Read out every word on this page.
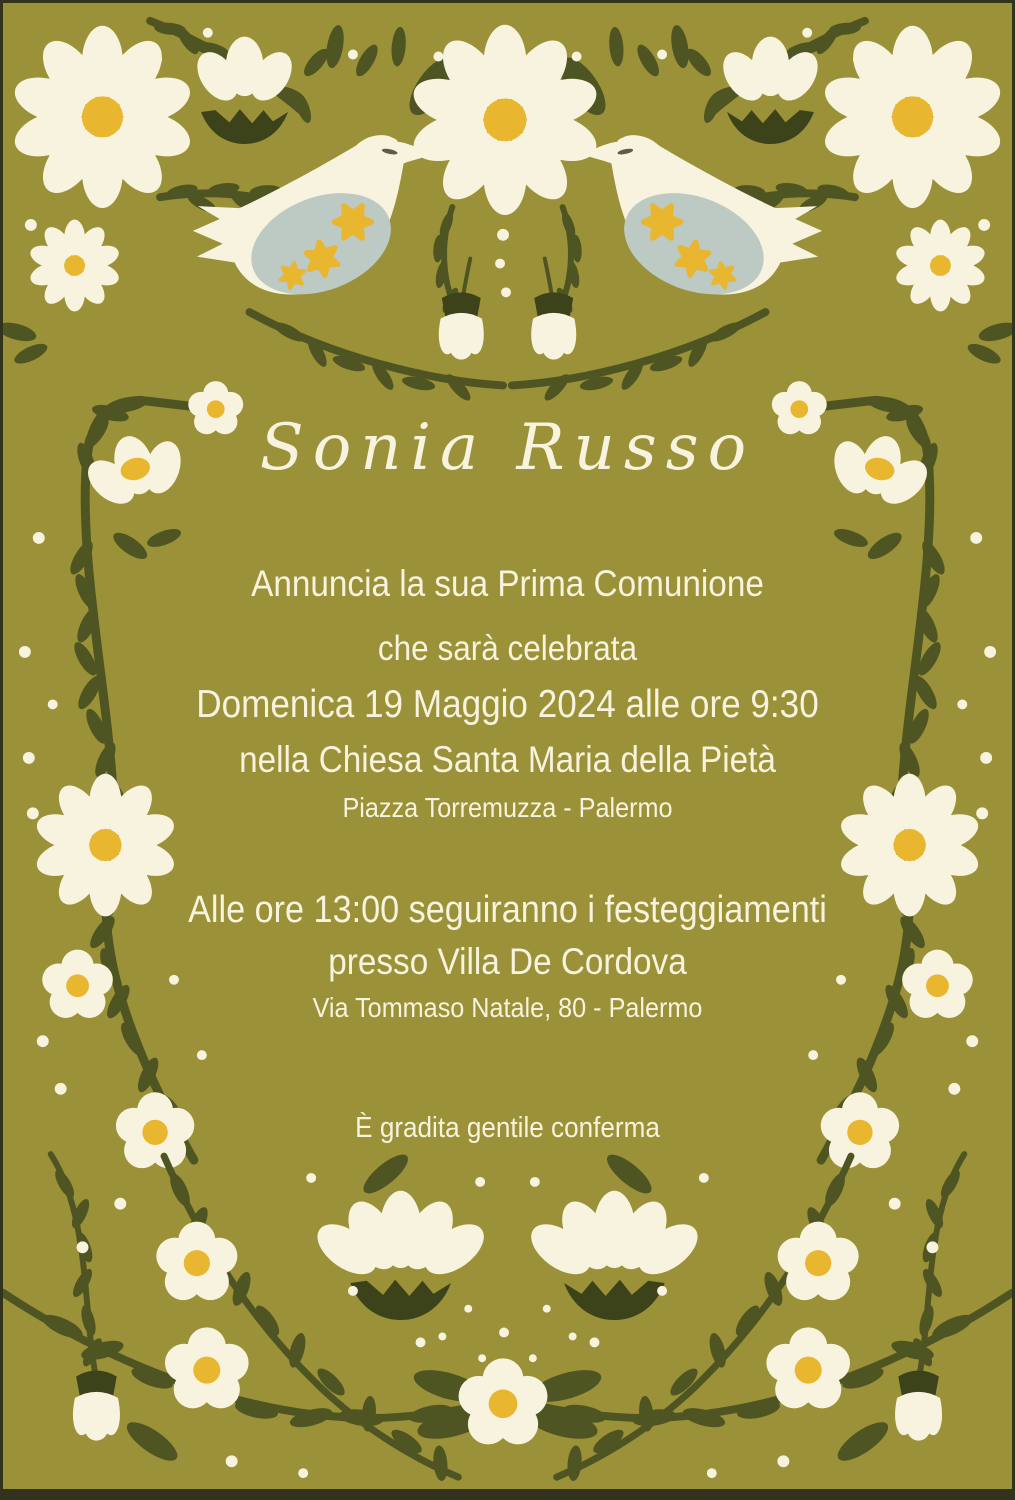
Sonia Russo
Annuncia la sua Prima Comunione
che sarà celebrata
Domenica 19 Maggio 2024 alle ore 9:30
nella Chiesa Santa Maria della Pietà
Piazza Torremuzza - Palermo
Alle ore 13:00 seguiranno i festeggiamenti
presso Villa De Cordova
Via Tommaso Natale, 80 - Palermo
È gradita gentile conferma
